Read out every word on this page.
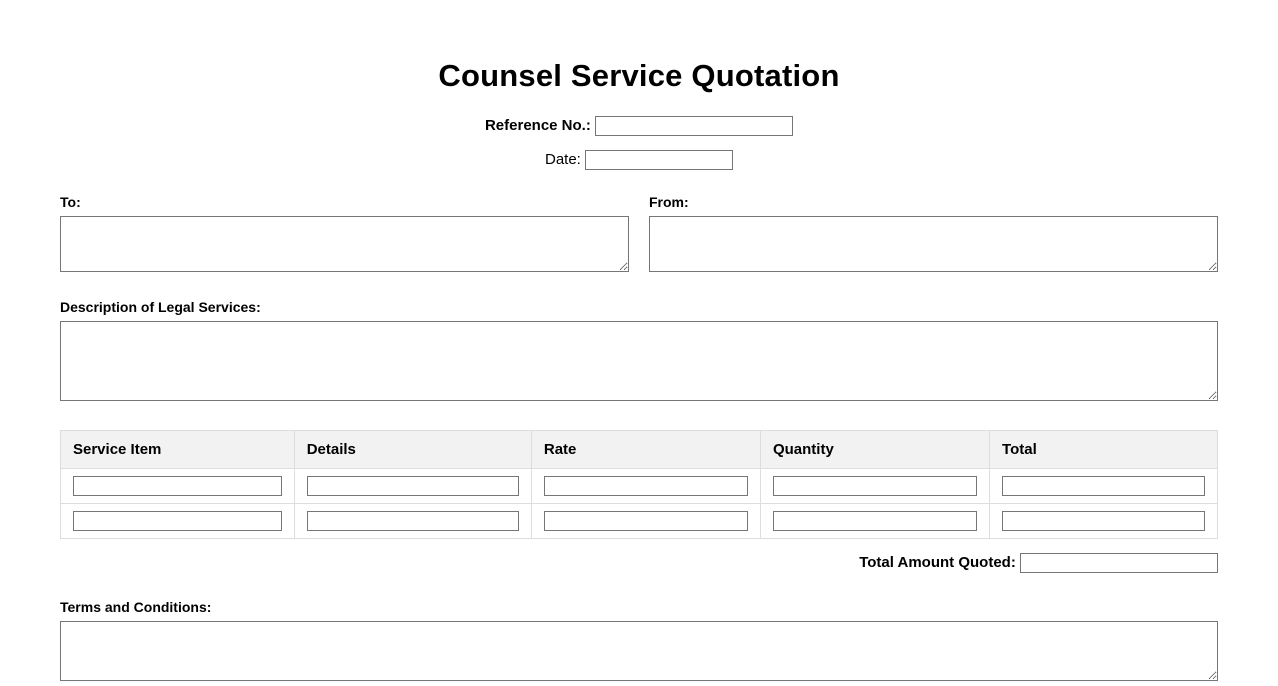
Counsel Service Quotation
Reference No.:
Date:
To:	From:
Description of Legal Services:
Service Item	Details	Rate	Quantity	Total

Total Amount Quoted:
Terms and Conditions:
